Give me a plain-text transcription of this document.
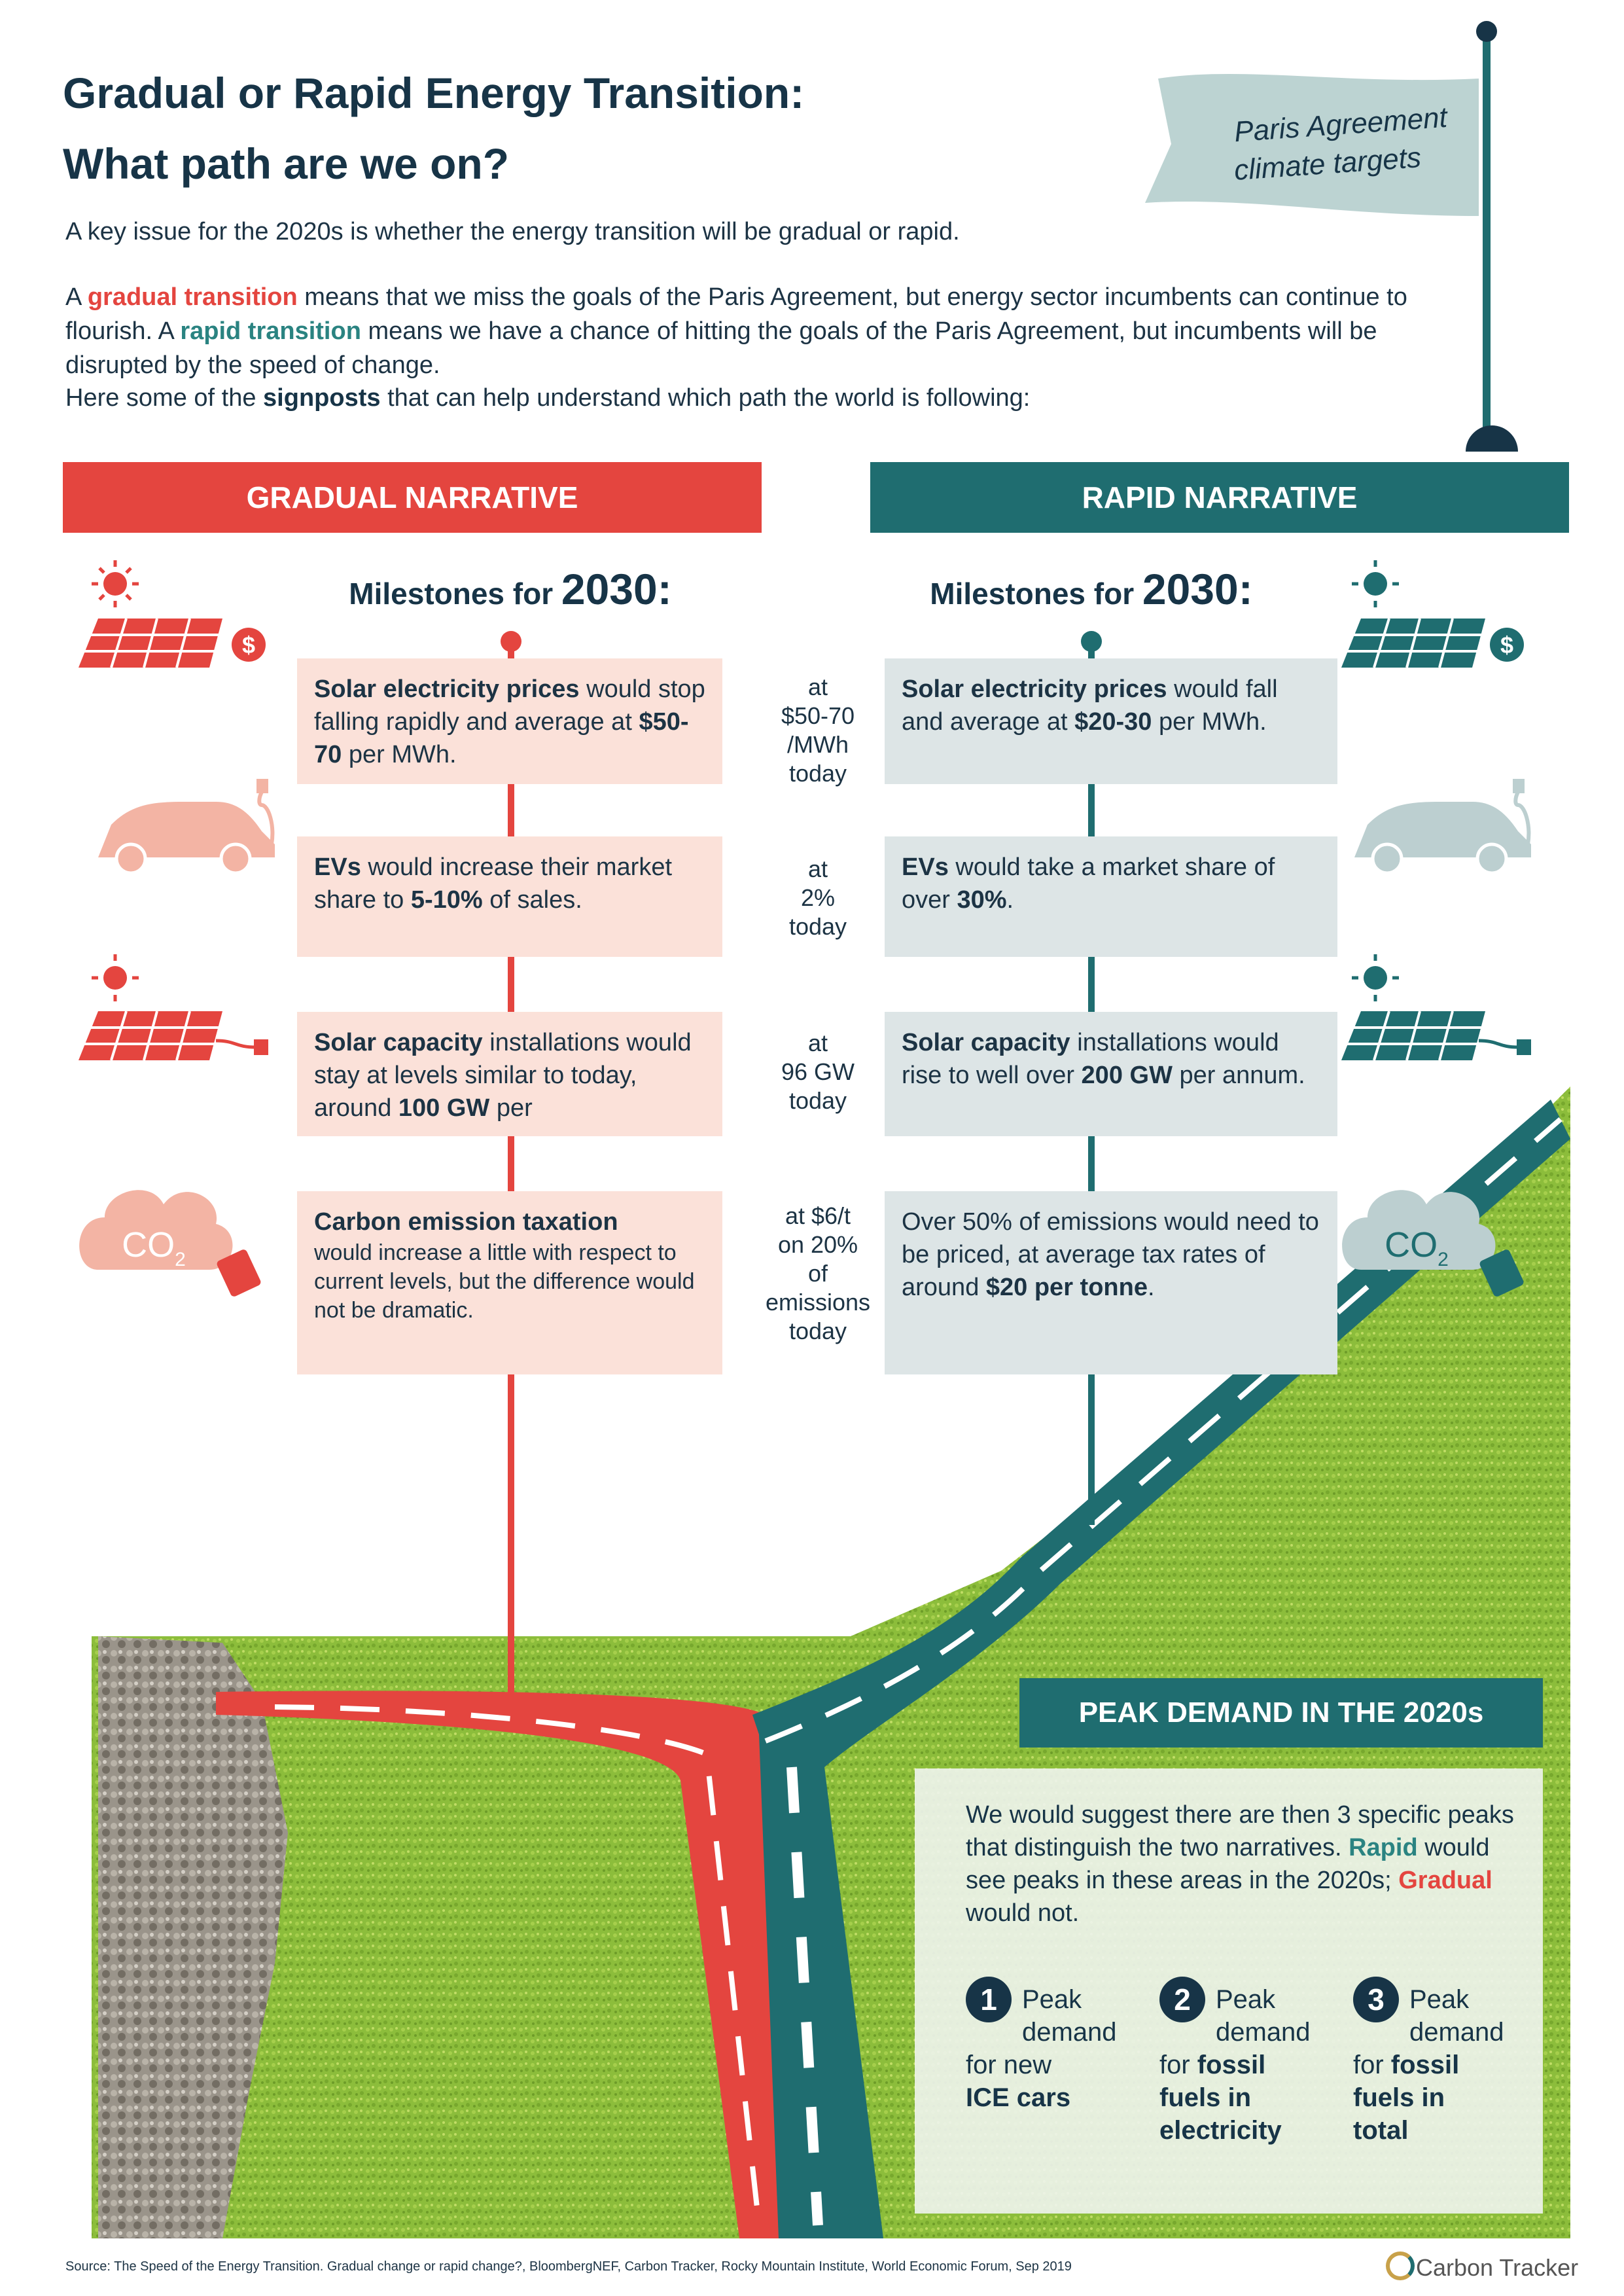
Paris Agreement
climate targets
$
$CO_2$
$
$CO_2$
Gradual or Rapid Energy Transition:
What path are we on?
A key issue for the 2020s is whether the energy transition will be gradual or rapid.
A gradual transition means that we miss the goals of the Paris Agreement, but energy sector incumbents can continue to flourish. A rapid transition means we have a chance of hitting the goals of the Paris Agreement, but incumbents will be disrupted by the speed of change.
Here some of the signposts that can help understand which path the world is following:
GRADUAL NARRATIVE	RAPID NARRATIVE
Milestones for 2030:	Milestones for 2030:
Solar electricity prices would stop falling rapidly and average at $50-70 per MWh.
at
$50-70
/MWh
today
Solar electricity prices would fall and average at $20-30 per MWh.
EVs would increase their market share to 5-10% of sales.
at
2%
today
EVs would take a market share of over 30%.
Solar capacity installations would stay at levels similar to today, around 100 GW per
at
96 GW
today
Solar capacity installations would rise to well over 200 GW per annum.
Carbon emission taxation
would increase a little with respect to current levels, but the difference would not be dramatic.
at $6/t
on 20%
of
emissions
today
Over 50% of emissions would need to be priced, at average tax rates of around $20 per tonne.
PEAK DEMAND IN THE 2020s
We would suggest there are then 3 specific peaks that distinguish the two narratives. Rapid would see peaks in these areas in the 2020s; Gradual would not.
1 Peak
demand
for new
ICE cars
2 Peak
demand
for fossil
fuels in electricity
3 Peak
demand
for fossil
fuels in total
Source: The Speed of the Energy Transition. Gradual change or rapid change?, BloombergNEF, Carbon Tracker, Rocky Mountain Institute, World Economic Forum, Sep 2019	Carbon Tracker
